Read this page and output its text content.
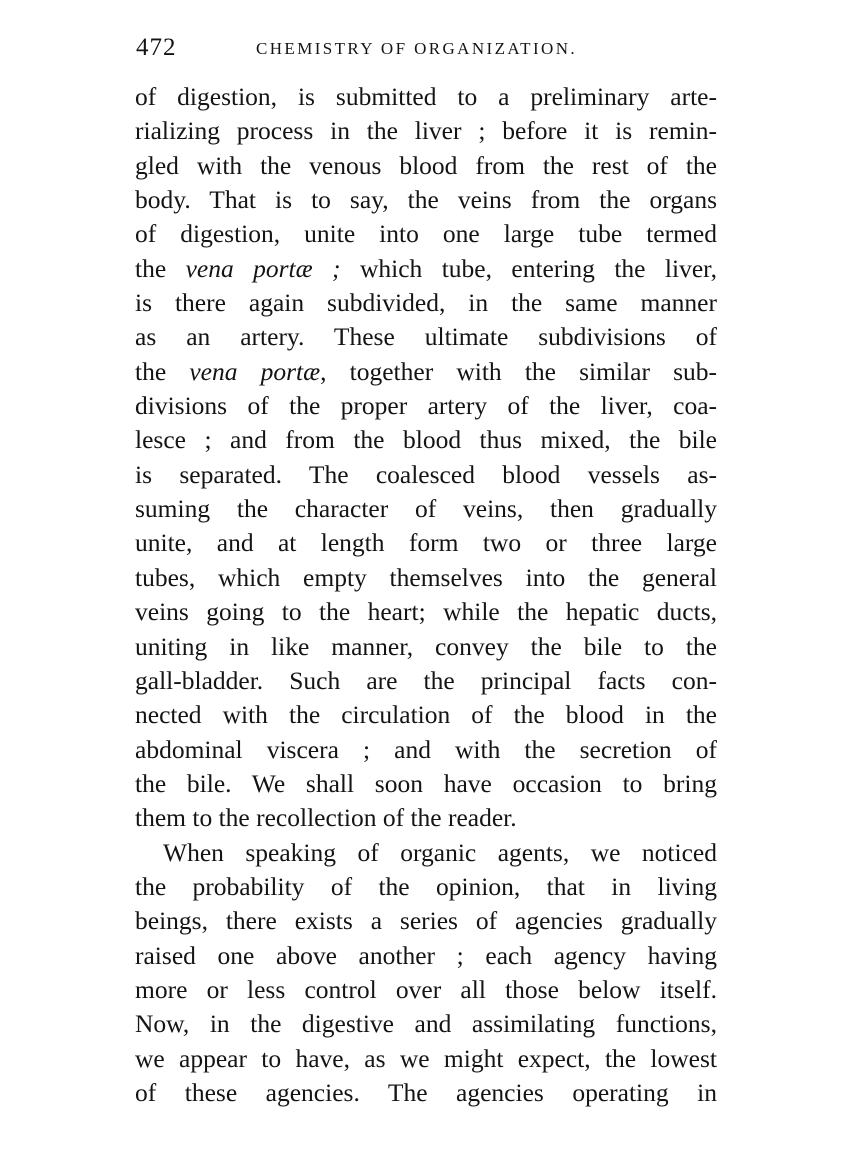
472	CHEMISTRY OF ORGANIZATION.
of digestion, is submitted to a preliminary arte-
rializing process in the liver ; before it is remin-
gled with the venous blood from the rest of the
body. That is to say, the veins from the organs
of digestion, unite into one large tube termed
the vena portæ ; which tube, entering the liver,
is there again subdivided, in the same manner
as an artery. These ultimate subdivisions of
the vena portæ, together with the similar sub-
divisions of the proper artery of the liver, coa-
lesce ; and from the blood thus mixed, the bile
is separated. The coalesced blood vessels as-
suming the character of veins, then gradually
unite, and at length form two or three large
tubes, which empty themselves into the general
veins going to the heart; while the hepatic ducts,
uniting in like manner, convey the bile to the
gall-bladder. Such are the principal facts con-
nected with the circulation of the blood in the
abdominal viscera ; and with the secretion of
the bile. We shall soon have occasion to bring
them to the recollection of the reader.
When speaking of organic agents, we noticed
the probability of the opinion, that in living
beings, there exists a series of agencies gradually
raised one above another ; each agency having
more or less control over all those below itself.
Now, in the digestive and assimilating functions,
we appear to have, as we might expect, the lowest
of these agencies. The agencies operating in
